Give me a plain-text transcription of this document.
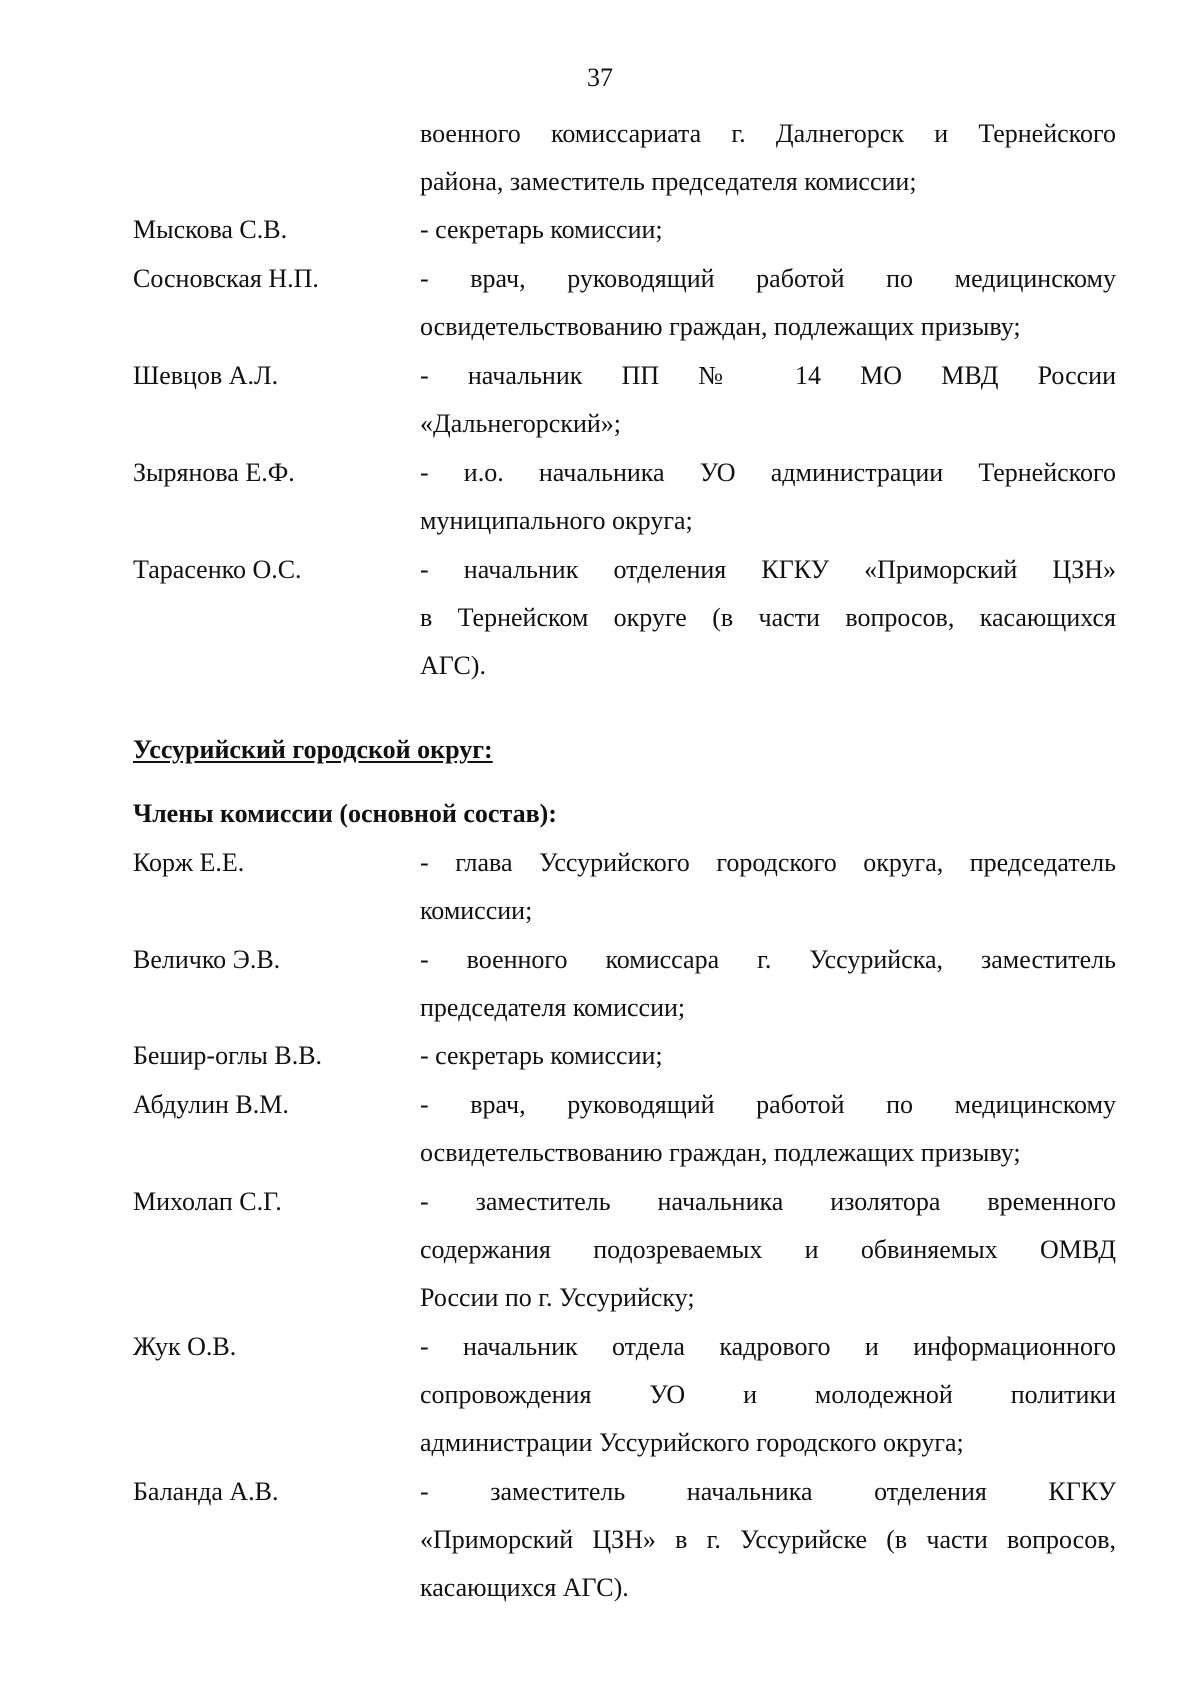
37
военного комиссариата г. Далнегорск и Тернейского
района, заместитель председателя комиссии;
Мыскова С.В.	- секретарь комиссии;
Сосновская Н.П.	- врач, руководящий работой по медицинскому
освидетельствованию граждан, подлежащих призыву;
Шевцов А.Л.	- начальник ПП № 14 МО МВД России
«Дальнегорский»;
Зырянова Е.Ф.	- и.о. начальника УО администрации Тернейского
муниципального округа;
Тарасенко О.С.	- начальник отделения КГКУ «Приморский ЦЗН»
в Тернейском округе (в части вопросов, касающихся
АГС).
Уссурийский городской округ:
Члены комиссии (основной состав):
Корж Е.Е.	- глава Уссурийского городского округа, председатель
комиссии;
Величко Э.В.	- военного комиссара г. Уссурийска, заместитель
председателя комиссии;
Бешир-оглы В.В.	- секретарь комиссии;
Абдулин В.М.	- врач, руководящий работой по медицинскому
освидетельствованию граждан, подлежащих призыву;
Михолап С.Г.	- заместитель начальника изолятора временного
содержания подозреваемых и обвиняемых ОМВД
России по г. Уссурийску;
Жук О.В.	- начальник отдела кадрового и информационного
сопровождения УО и молодежной политики
администрации Уссурийского городского округа;
Баланда А.В.	- заместитель начальника отделения КГКУ
«Приморский ЦЗН» в г. Уссурийске (в части вопросов,
касающихся АГС).
